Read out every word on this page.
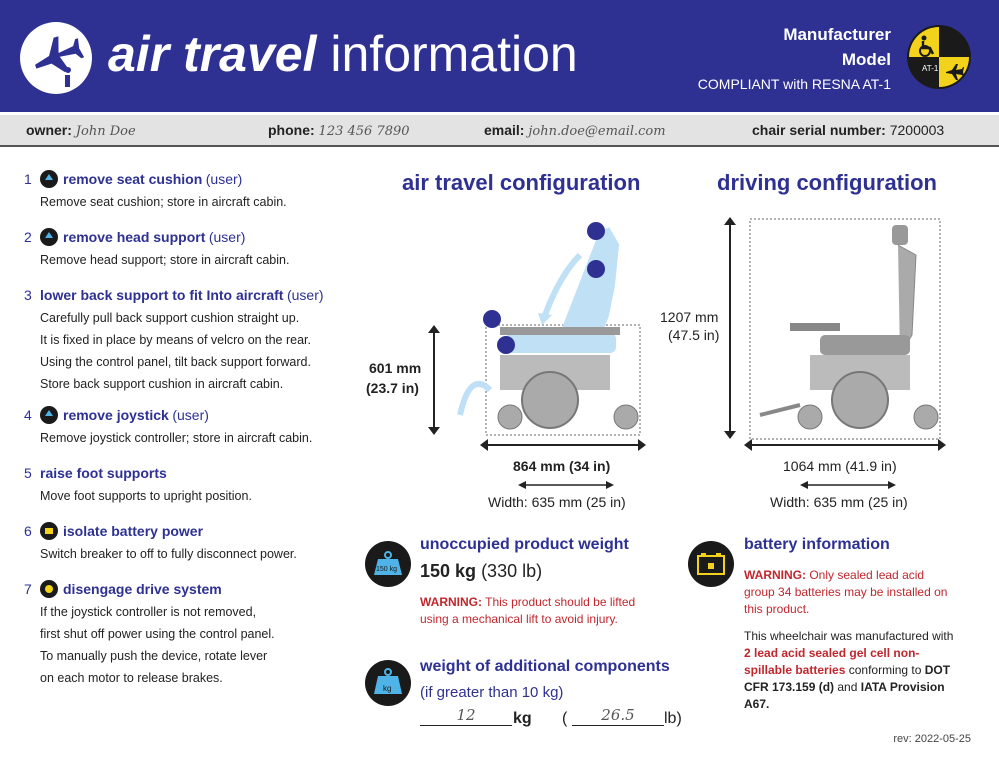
air travel information	Manufacturer
Model
COMPLIANT with RESNA AT-1
AT-1
owner: John Doe	phone: 123 456 7890	email: john.doe@email.com	chair serial number: 7200003
1 remove seat cushion (user)
Remove seat cushion; store in aircraft cabin.
2 remove head support (user)
Remove head support; store in aircraft cabin.
3 lower back support to fit Into aircraft (user)
Carefully pull back support cushion straight up.
It is fixed in place by means of velcro on the rear.
Using the control panel, tilt back support forward.
Store back support cushion in aircraft cabin.
4 remove joystick (user)
Remove joystick controller; store in aircraft cabin.
5 raise foot supports
Move foot supports to upright position.
6 isolate battery power
Switch breaker to off to fully disconnect power.
7 disengage drive system
If the joystick controller is not removed,
first shut off power using the control panel.
To manually push the device, rotate lever
on each motor to release brakes.
air travel configuration	driving configuration
601 mm
(23.7 in)
864 mm (34 in)
Width: 635 mm (25 in)
1207 mm
(47.5 in)
1064 mm (41.9 in)
Width: 635 mm (25 in)
150 kg
unoccupied product weight
150 kg (330 lb)
WARNING: This product should be lifted using a mechanical lift to avoid injury.
kg
weight of additional components
(if greater than 10 kg)
12	kg (	26.5	lb)
battery information
WARNING: Only sealed lead acid group 34 batteries may be installed on this product.
This wheelchair was manufactured with 2 lead acid sealed gel cell non-spillable batteries conforming to DOT CFR 173.159 (d) and IATA Provision A67.
rev: 2022-05-25
